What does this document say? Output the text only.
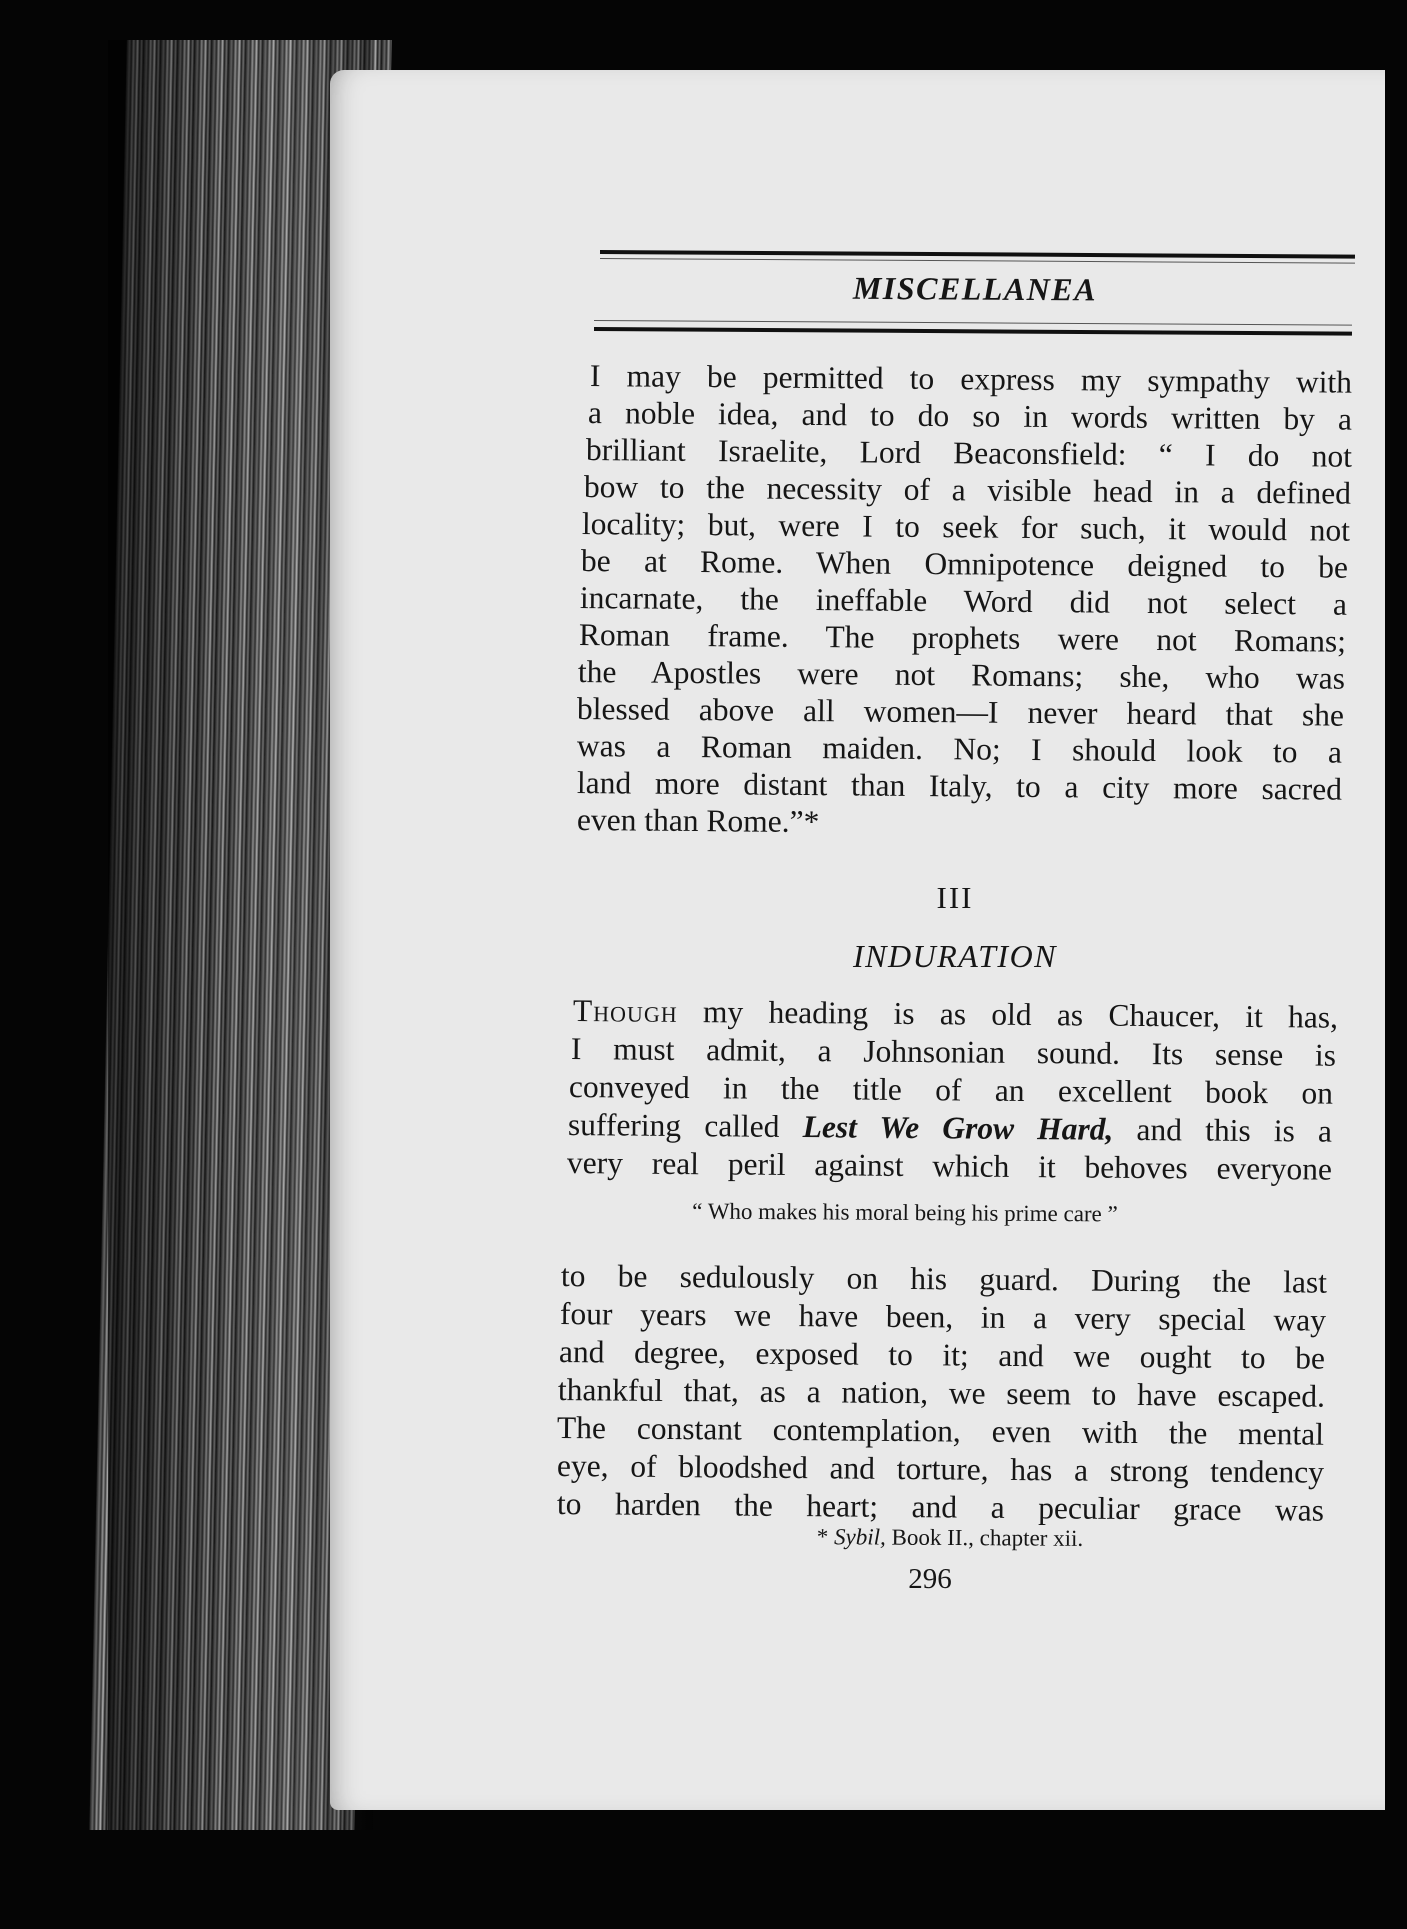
MISCELLANEA
I may be permitted to express my sympathy with
a noble idea, and to do so in words written by a
brilliant Israelite, Lord Beaconsfield: “ I do not
bow to the necessity of a visible head in a defined
locality; but, were I to seek for such, it would not
be at Rome. When Omnipotence deigned to be
incarnate, the ineffable Word did not select a
Roman frame. The prophets were not Romans;
the Apostles were not Romans; she, who was
blessed above all women—I never heard that she
was a Roman maiden. No; I should look to a
land more distant than Italy, to a city more sacred
even than Rome.”*
III
INDURATION
Though my heading is as old as Chaucer, it has,
I must admit, a Johnsonian sound. Its sense is
conveyed in the title of an excellent book on
suffering called Lest We Grow Hard, and this is a
very real peril against which it behoves everyone
“ Who makes his moral being his prime care ”
to be sedulously on his guard. During the last
four years we have been, in a very special way
and degree, exposed to it; and we ought to be
thankful that, as a nation, we seem to have escaped.
The constant contemplation, even with the mental
eye, of bloodshed and torture, has a strong tendency
to harden the heart; and a peculiar grace was
* Sybil, Book II., chapter xii.
296
